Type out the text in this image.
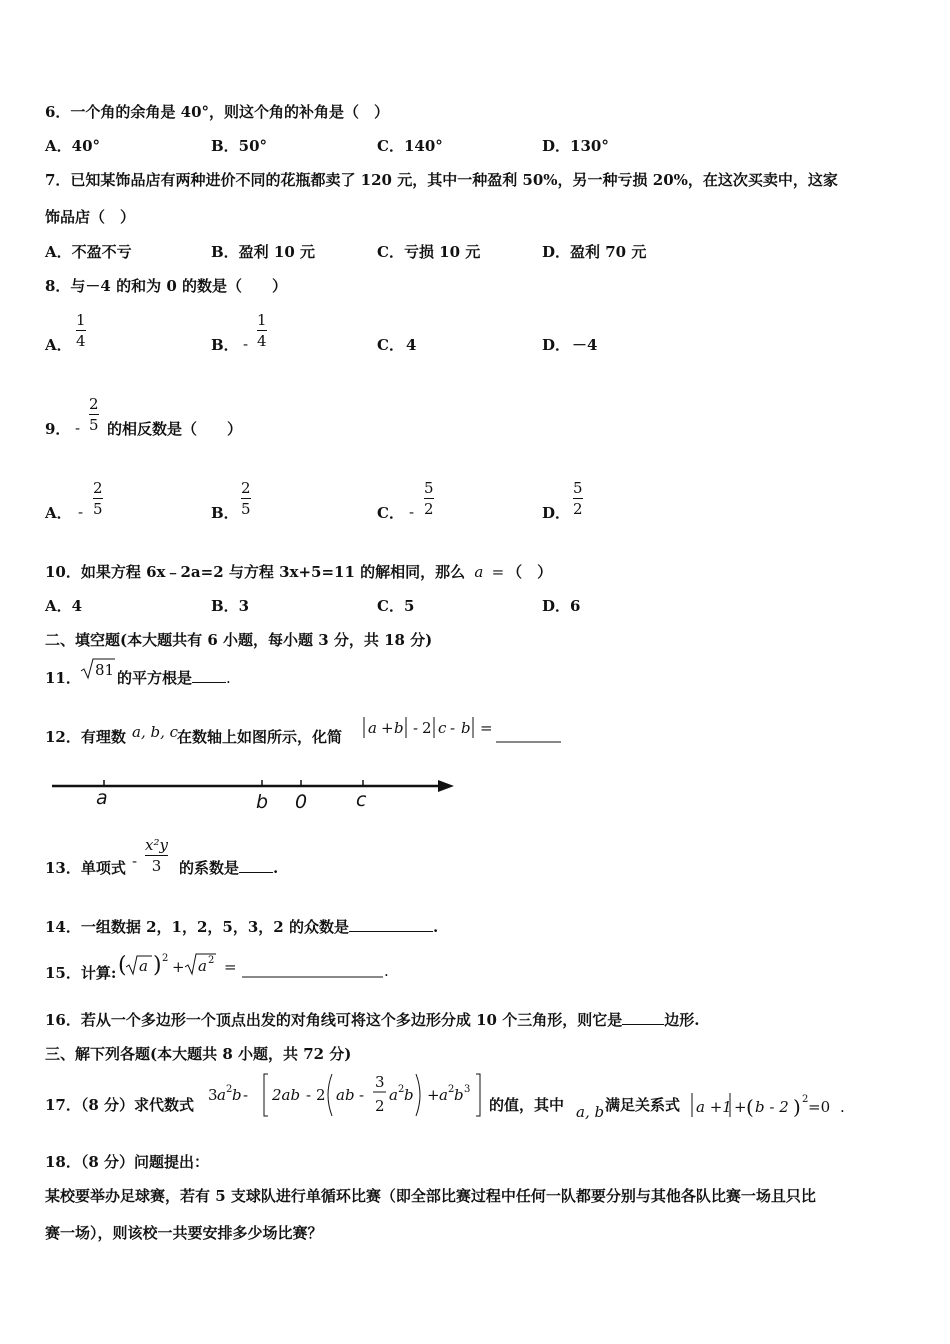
6．一个角的余角是 40°，则这个角的补角是（　）
A．40°	B．50°	C．140°	D．130°
7．已知某饰品店有两种进价不同的花瓶都卖了 120 元，其中一种盈利 50%，另一种亏损 20%，在这次买卖中，这家
饰品店（　）
A．不盈不亏	B．盈利 10 元	C．亏损 10 元	D．盈利 70 元
8．与－4 的和为 0 的数是（　　）
A．
1
4	B． -
1
4	C． 4	D． －4
9． -
2
5 的相反数是（　　）
A． -
2
5	B．
2
5	C． -
5
2	D．
5
2
10．如果方程 6x﹣2a=2 与方程 3x+5=11 的解相同，那么 a = （　）
A．4	B．3	C．5	D．6
二、填空题(本大题共有 6 小题，每小题 3 分，共 18 分)
11． 81 的平方根是 .
12．有理数 a, b, c
在数轴上如图所示，化简 a + b - 2 c - b =
a	b 0	c
13．单项式 -
x²y
3 的系数是 .
14．一组数据 2，1，2，5，3，2 的众数是	.
15．计算: ( a ) 2 + a 2 =	.
16．若从一个多边形一个顶点出发的对角线可将这个多边形分成 10 个三角形，则它是	边形.
三、解下列各题(本大题共 8 小题，共 72 分)
17．（8 分）求代数式
3 a 2 b - 2ab - 2 ab -
3
2
a 2 b + a 2 b 3
的值，其中 a, b 满足关系式 a +1 + ( b - 2 ) 2 =0 .
18．（8 分）问题提出：
某校要举办足球赛，若有 5 支球队进行单循环比赛（即全部比赛过程中任何一队都要分别与其他各队比赛一场且只比
赛一场），则该校一共要安排多少场比赛？
